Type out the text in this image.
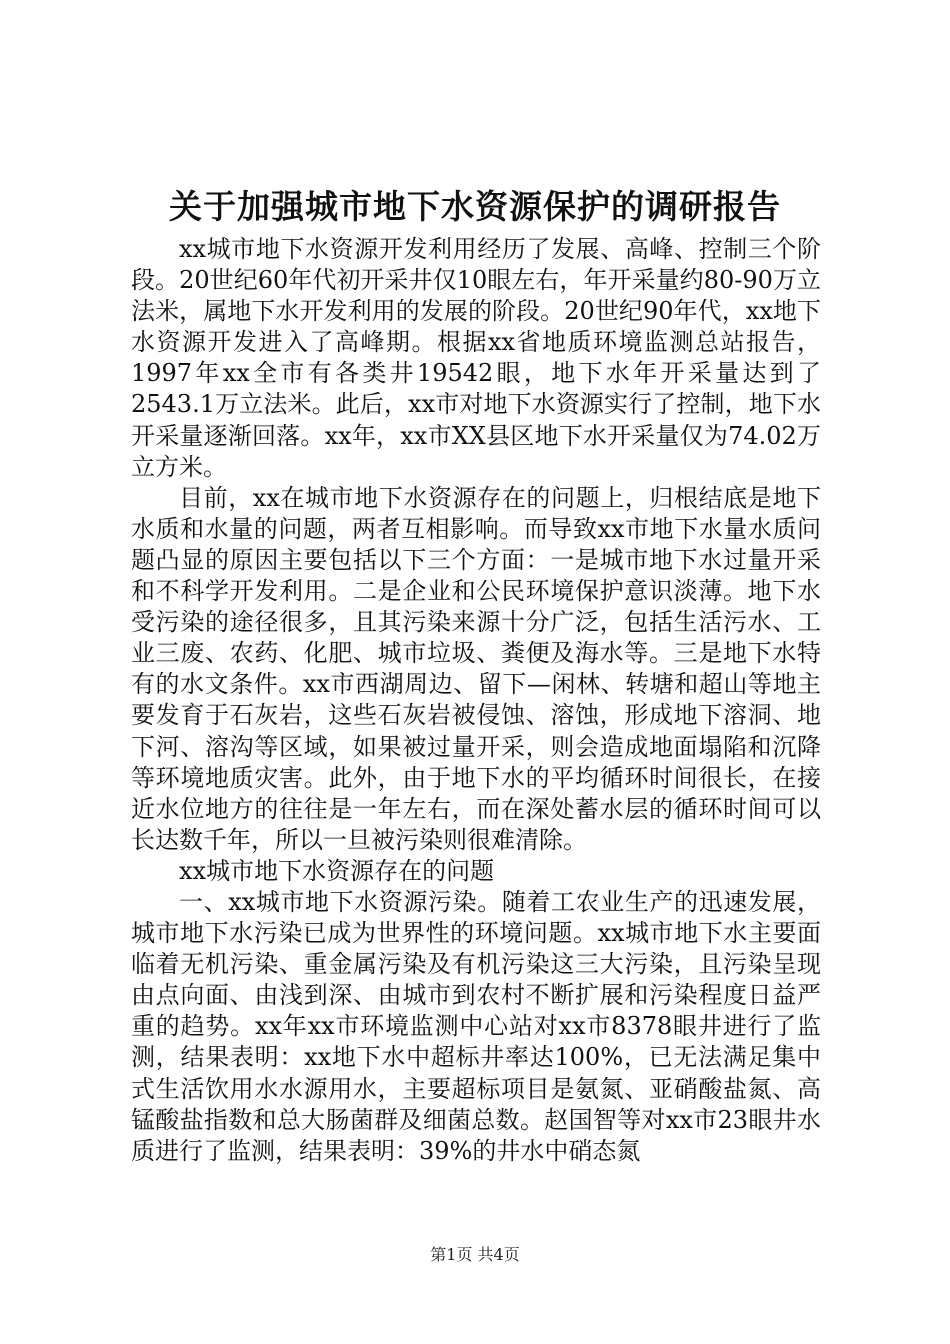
关于加强城市地下水资源保护的调研报告

xx城市地下水资源开发利用经历了发展、高峰、控制三个阶段。20世纪60年代初开采井仅10眼左右，年开采量约80-90万立法米，属地下水开发利用的发展的阶段。20世纪90年代，xx地下水资源开发进入了高峰期。根据xx省地质环境监测总站报告，1997年xx全市有各类井19542眼，地下水年开采量达到了2543.1万立法米。此后，xx市对地下水资源实行了控制，地下水开采量逐渐回落。xx年，xx市XX县区地下水开采量仅为74.02万立方米。

目前，xx在城市地下水资源存在的问题上，归根结底是地下水质和水量的问题，两者互相影响。而导致xx市地下水量水质问题凸显的原因主要包括以下三个方面：一是城市地下水过量开采和不科学开发利用。二是企业和公民环境保护意识淡薄。地下水受污染的途径很多，且其污染来源十分广泛，包括生活污水、工业三废、农药、化肥、城市垃圾、粪便及海水等。三是地下水特有的水文条件。xx市西湖周边、留下—闲林、转塘和超山等地主要发育于石灰岩，这些石灰岩被侵蚀、溶蚀，形成地下溶洞、地下河、溶沟等区域，如果被过量开采，则会造成地面塌陷和沉降等环境地质灾害。此外，由于地下水的平均循环时间很长，在接近水位地方的往往是一年左右，而在深处蓄水层的循环时间可以长达数千年，所以一旦被污染则很难清除。

xx城市地下水资源存在的问题

一、xx城市地下水资源污染。随着工农业生产的迅速发展，城市地下水污染已成为世界性的环境问题。xx城市地下水主要面临着无机污染、重金属污染及有机污染这三大污染，且污染呈现由点向面、由浅到深、由城市到农村不断扩展和污染程度日益严重的趋势。xx年xx市环境监测中心站对xx市8378眼井进行了监测，结果表明：xx地下水中超标井率达100%，已无法满足集中式生活饮用水水源用水，主要超标项目是氨氮、亚硝酸盐氮、高锰酸盐指数和总大肠菌群及细菌总数。赵国智等对xx市23眼井水质进行了监测，结果表明：39%的井水中硝态氮

第1页 共4页
